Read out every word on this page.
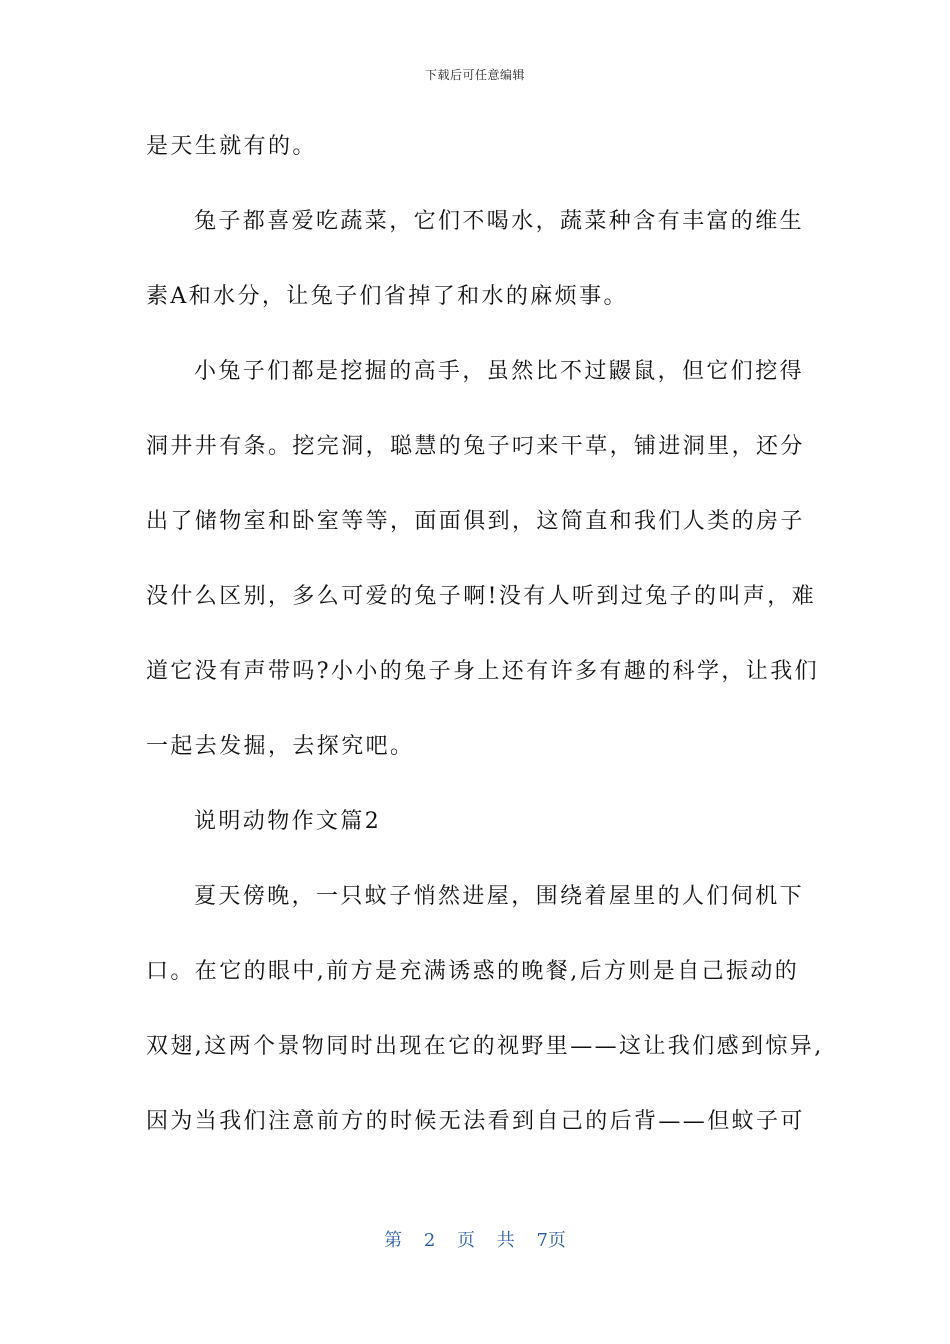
下载后可任意编辑
是天生就有的。
兔子都喜爱吃蔬菜，它们不喝水，蔬菜种含有丰富的维生
素A和水分，让兔子们省掉了和水的麻烦事。
小兔子们都是挖掘的高手，虽然比不过鼹鼠，但它们挖得
洞井井有条。挖完洞，聪慧的兔子叼来干草，铺进洞里，还分
出了储物室和卧室等等，面面俱到，这简直和我们人类的房子
没什么区别，多么可爱的兔子啊!没有人听到过兔子的叫声，难
道它没有声带吗?小小的兔子身上还有许多有趣的科学，让我们
一起去发掘，去探究吧。
说明动物作文篇2
夏天傍晚，一只蚊子悄然进屋，围绕着屋里的人们伺机下
口。在它的眼中,前方是充满诱惑的晚餐,后方则是自己振动的
双翅,这两个景物同时出现在它的视野里——这让我们感到惊异,
因为当我们注意前方的时候无法看到自己的后背——但蚊子可
第 2 页 共 7页
